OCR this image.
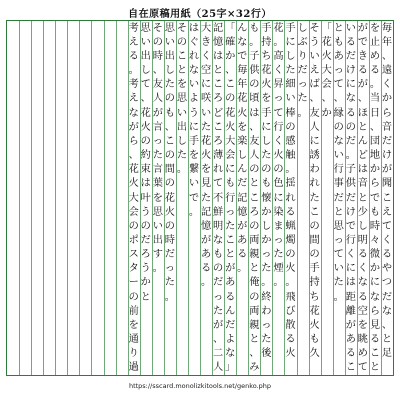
自在原稿用紙（25字×32行）
毎
年
、
遠
く
か
ら
音
だ
け
が
聞
こ
え
て
く
る
や
つ
だ
な
、
と
足
を
止
め
る
。
当
日
、
団
地
か
ら
で
も
時
々
微
か
に
な
ら
見
る
こ
と
が
で
き
る
が
、
ほ
と
ん
ど
は
音
と
少
し
明
る
く
な
る
空
を
眺
め
て
い
る
だ
け
に
な
る
の
だ
。
子
供
だ
け
で
行
く
に
は
距
離
が
あ
る
こ
と
も
あ
っ
て
、
縁
の
な
い
行
事
だ
と
思
っ
て
い
た
。
「
花
火
大
会
、
か
そ
う
い
え
ば
、
友
人
に
誘
わ
れ
た
こ
の
間
の
手
持
ち
花
火
も
久
し
ぶ
り
だ
っ
た
。
手
に
し
た
細
い
棒
の
感
触
。
揺
れ
る
蝋
燭
の
火
。
飛
び
散
る
火
花
。
高
く
昇
っ
て
行
く
火
の
色
に
染
ま
っ
た
煙
。
手
持
ち
花
火
を
手
に
し
た
の
も
懐
か
し
か
っ
た
。
終
わ
っ
た
後
も
。
子
供
の
頃
は
、
友
人
の
と
こ
ろ
の
両
親
と
俺
の
両
親
と
、
み
ん
な
で
毎
年
花
火
を
楽
し
ん
だ
記
憶
が
あ
る
。
「
確
か
、
こ
の
花
火
大
会
に
も
行
っ
た
こ
と
が
あ
る
ん
だ
よ
な
」
記
憶
は
と
こ
ろ
ど
こ
ろ
薄
れ
て
不
鮮
明
な
も
の
だ
っ
た
が
、
二
人
大
き
く
空
に
咲
い
た
花
火
を
見
た
記
憶
が
あ
る
。
は
ぐ
れ
な
い
よ
う
に
手
を
繋
い
で
。
そ
の
こ
と
を
思
い
出
し
た
。
思
い
出
し
た
の
も
、
こ
の
間
の
花
火
の
時
だ
っ
た
。
そ
の
時
、
友
人
が
言
っ
た
言
葉
を
思
い
出
す
。
思
い
出
し
て
、
花
火
の
約
束
は
叶
う
の
だ
ろ
う
か
と
考
え
る
。
考
え
な
が
ら
、
花
火
大
会
の
ポ
ス
タ
ー
の
前
を
通
り
過
https://sscard.monolizkitools.net/genko.php
